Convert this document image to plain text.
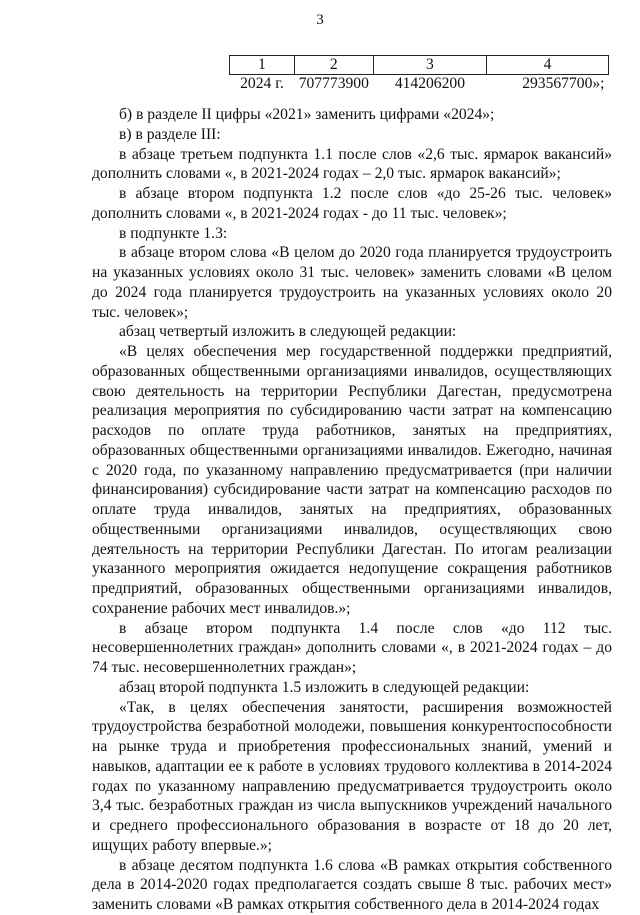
3
1	2	3	4
2024 г.	707773900	414206200	293567700»;

б) в разделе II цифры «2021» заменить цифрами «2024»;

в) в разделе III:

в абзаце третьем подпункта 1.1 после слов «2,6 тыс. ярмарок вакансий» дополнить словами «, в 2021-2024 годах – 2,0 тыс. ярмарок вакансий»;

в абзаце втором подпункта 1.2 после слов «до 25-26 тыс. человек» дополнить словами «, в 2021-2024 годах - до 11 тыс. человек»;

в подпункте 1.3:

в абзаце втором слова «В целом до 2020 года планируется трудоустроить на указанных условиях около 31 тыс. человек» заменить словами «В целом до 2024 года планируется трудоустроить на указанных условиях около 20 тыс. человек»;

абзац четвертый изложить в следующей редакции:

«В целях обеспечения мер государственной поддержки предприятий, образованных общественными организациями инвалидов, осуществляющих свою деятельность на территории Республики Дагестан, предусмотрена реализация мероприятия по субсидированию части затрат на компенсацию расходов по оплате труда работников, занятых на предприятиях, образованных общественными организациями инвалидов. Ежегодно, начиная с 2020 года, по указанному направлению предусматривается (при наличии финансирования) субсидирование части затрат на компенсацию расходов по оплате труда инвалидов, занятых на предприятиях, образованных общественными организациями инвалидов, осуществляющих свою деятельность на территории Республики Дагестан. По итогам реализации указанного мероприятия ожидается недопущение сокращения работников предприятий, образованных общественными организациями инвалидов, сохранение рабочих мест инвалидов.»;

в абзаце втором подпункта 1.4 после слов «до 112 тыс. несовершеннолетних граждан» дополнить словами «, в 2021-2024 годах – до 74 тыс. несовершеннолетних граждан»;

абзац второй подпункта 1.5 изложить в следующей редакции:

«Так, в целях обеспечения занятости, расширения возможностей трудоустройства безработной молодежи, повышения конкурентоспособности на рынке труда и приобретения профессиональных знаний, умений и навыков, адаптации ее к работе в условиях трудового коллектива в 2014-2024 годах по указанному направлению предусматривается трудоустроить около 3,4 тыс. безработных граждан из числа выпускников учреждений начального и среднего профессионального образования в возрасте от 18 до 20 лет, ищущих работу впервые.»;

в абзаце десятом подпункта 1.6 слова «В рамках открытия собственного дела в 2014-2020 годах предполагается создать свыше 8 тыс. рабочих мест» заменить словами «В рамках открытия собственного дела в 2014-2024 годах
